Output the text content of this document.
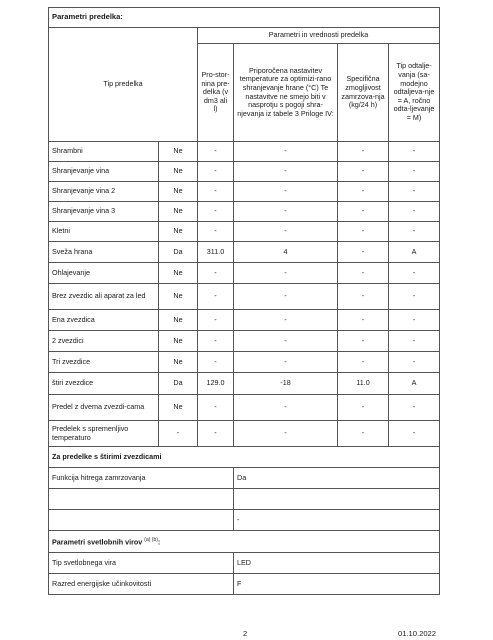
Parametri predelka:					
Tip predelka		Parametri in vrednosti predelka			
		Pro-stor-nina pre-delka (v dm3 ali l)	Priporočena nastavitev temperature za optimizi-rano shranjevanje hrane (°C) Te nastavitve ne smejo biti v nasprotju s pogoji shra-njevanja iz tabele 3 Priloge IV:	Specifična zmogljivost zamrzova-nja (kg/24 h)	Tip odtalje-vanja (sa-modejno odtaljeva-nje = A, ročno odta-ljevanje = M)
Shrambni	Ne	-	-	-	-
Shranjevanje vina	Ne	-	-	-	-
Shranjevanje vina 2	Ne	-	-	-	-
Shranjevanje vina 3	Ne	-	-	-	-
Kletni	Ne	-	-	-	-
Sveža hrana	Da	311.0	4	-	A
Ohlajevanje	Ne	-	-	-	-
Brez zvezdic ali aparat za led	Ne	-	-	-	-
Ena zvezdica	Ne	-	-	-	-
2 zvezdici	Ne	-	-	-	-
Tri zvezdice	Ne	-	-	-	-
štiri zvezdice	Da	129.0	-18	11.0	A
Predel z dvema zvezdi-cama	Ne	-	-	-	-
Predelek s spremenljivo temperaturo	-	-	-	-	-
Za predelke s štirimi zvezdicami					
Funkcija hitrega zamrzovanja			Da		

			-		
Parametri svetlobnih virov $^{(a) (b)}$:					
Tip svetlobnega vira			LED		
Razred energijske učinkovitosti			F		
2	01.10.2022
